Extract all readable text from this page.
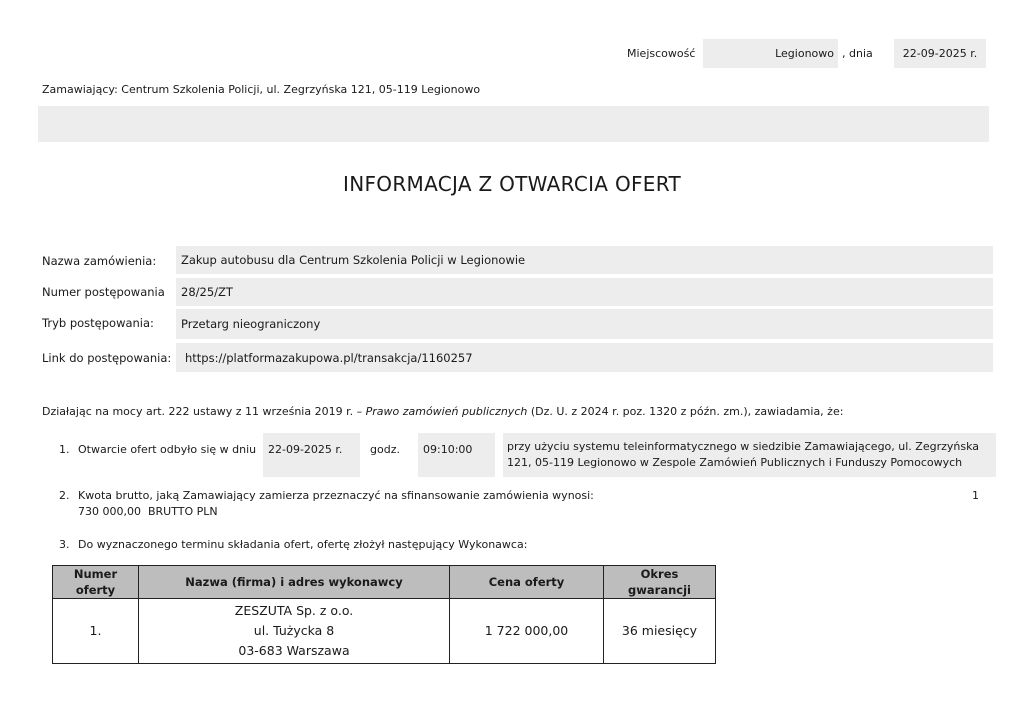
Miejscowość	Legionowo , dnia	22-09-2025 r.
Zamawiający: Centrum Szkolenia Policji, ul. Zegrzyńska 121, 05-119 Legionowo
INFORMACJA Z OTWARCIA OFERT
Nazwa zamówienia: Zakup autobusu dla Centrum Szkolenia Policji w Legionowie
Numer postępowania 28/25/ZT
Tryb postępowania: Przetarg nieograniczony
Link do postępowania: https://platformazakupowa.pl/transakcja/1160257
Działając na mocy art. 222 ustawy z 11 września 2019 r. – Prawo zamówień publicznych (Dz. U. z 2024 r. poz. 1320 z późn. zm.), zawiadamia, że:
1. Otwarcie ofert odbyło się w dniu	22-09-2025 r.	godz.	09:10:00	przy użyciu systemu teleinformatycznego w siedzibie Zamawiającego, ul. Zegrzyńska 121, 05-119 Legionowo w Zespole Zamówień Publicznych i Funduszy Pomocowych
2. Kwota brutto, jaką Zamawiający zamierza przeznaczyć na sfinansowanie zamówienia wynosi:	1
730 000,00  BRUTTO PLN
3. Do wyznaczonego terminu składania ofert, ofertę złożył następujący Wykonawca:
Numer oferty	Nazwa (firma) i adres wykonawcy	Cena oferty	Okres gwarancji
1.	ZESZUTA Sp. z o.o.
ul. Tużycka 8
03-683 Warszawa	1 722 000,00	36 miesięcy
